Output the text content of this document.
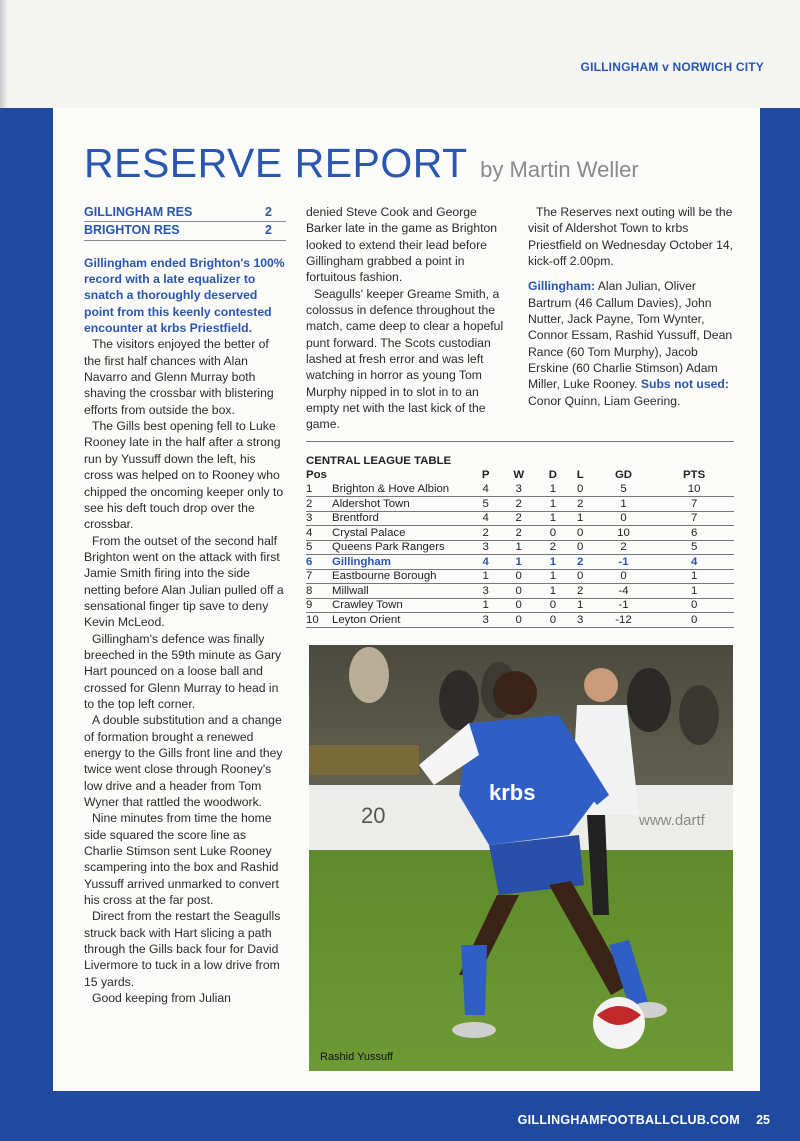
GILLINGHAM v NORWICH CITY
RESERVE REPORT by Martin Weller
GILLINGHAM RES	2
BRIGHTON RES	2

Gillingham ended Brighton's 100% record with a late equalizer to snatch a thoroughly deserved point from this keenly contested encounter at krbs Priestfield.

The visitors enjoyed the better of the first half chances with Alan Navarro and Glenn Murray both shaving the crossbar with blistering efforts from outside the box.

The Gills best opening fell to Luke Rooney late in the half after a strong run by Yussuff down the left, his cross was helped on to Rooney who chipped the oncoming keeper only to see his deft touch drop over the crossbar.

From the outset of the second half Brighton went on the attack with first Jamie Smith firing into the side netting before Alan Julian pulled off a sensational finger tip save to deny Kevin McLeod.

Gillingham's defence was finally breeched in the 59th minute as Gary Hart pounced on a loose ball and crossed for Glenn Murray to head in to the top left corner.

A double substitution and a change of formation brought a renewed energy to the Gills front line and they twice went close through Rooney's low drive and a header from Tom Wyner that rattled the woodwork.

Nine minutes from time the home side squared the score line as Charlie Stimson sent Luke Rooney scampering into the box and Rashid Yussuff arrived unmarked to convert his cross at the far post.

Direct from the restart the Seagulls struck back with Hart slicing a path through the Gills back four for David Livermore to tuck in a low drive from 15 yards.

Good keeping from Julian

denied Steve Cook and George Barker late in the game as Brighton looked to extend their lead before Gillingham grabbed a point in fortuitous fashion.

Seagulls' keeper Greame Smith, a colossus in defence throughout the match, came deep to clear a hopeful punt forward. The Scots custodian lashed at fresh error and was left watching in horror as young Tom Murphy nipped in to slot in to an empty net with the last kick of the game.

The Reserves next outing will be the visit of Aldershot Town to krbs Priestfield on Wednesday October 14, kick-off 2.00pm.

Gillingham: Alan Julian, Oliver Bartrum (46 Callum Davies), John Nutter, Jack Payne, Tom Wynter, Connor Essam, Rashid Yussuff, Dean Rance (60 Tom Murphy), Jacob Erskine (60 Charlie Stimson) Adam Miller, Luke Rooney. Subs not used: Conor Quinn, Liam Geering.

CENTRAL LEAGUE TABLE
Pos		P	W	D	L	GD	PTS
1	Brighton & Hove Albion	4	3	1	0	5	10
2	Aldershot Town	5	2	1	2	1	7
3	Brentford	4	2	1	1	0	7
4	Crystal Palace	2	2	0	0	10	6
5	Queens Park Rangers	3	1	2	0	2	5
6	Gillingham	4	1	1	2	-1	4
7	Eastbourne Borough	1	0	1	0	0	1
8	Millwall	3	0	1	2	-4	1
9	Crawley Town	1	0	0	1	-1	0
10	Leyton Orient	3	0	0	3	-12	0
20	www.dartf
krbs
Rashid Yussuff
GILLINGHAMFOOTBALLCLUB.COM 25
